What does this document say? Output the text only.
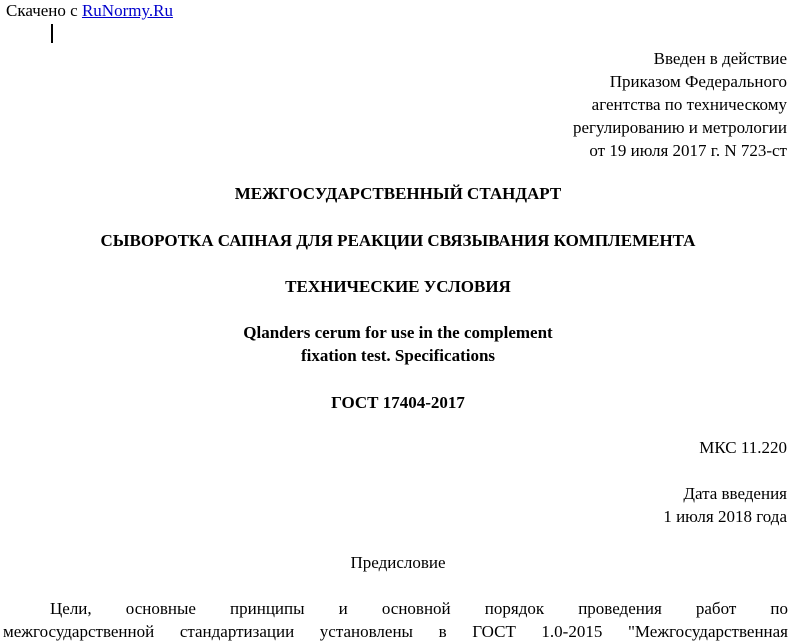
Скачено с RuNormy.Ru
Введен в действие
Приказом Федерального
агентства по техническому
регулированию и метрологии
от 19 июля 2017 г. N 723-ст
МЕЖГОСУДАРСТВЕННЫЙ СТАНДАРТ
СЫВОРОТКА САПНАЯ ДЛЯ РЕАКЦИИ СВЯЗЫВАНИЯ КОМПЛЕМЕНТА
ТЕХНИЧЕСКИЕ УСЛОВИЯ
Qlanders cerum for use in the complement
fixation test. Specifications
ГОСТ 17404-2017
МКС 11.220
Дата введения
1 июля 2018 года
Предисловие
Цели, основные принципы и основной порядок проведения работ по
межгосударственной стандартизации установлены в ГОСТ 1.0-2015 "Межгосударственная
